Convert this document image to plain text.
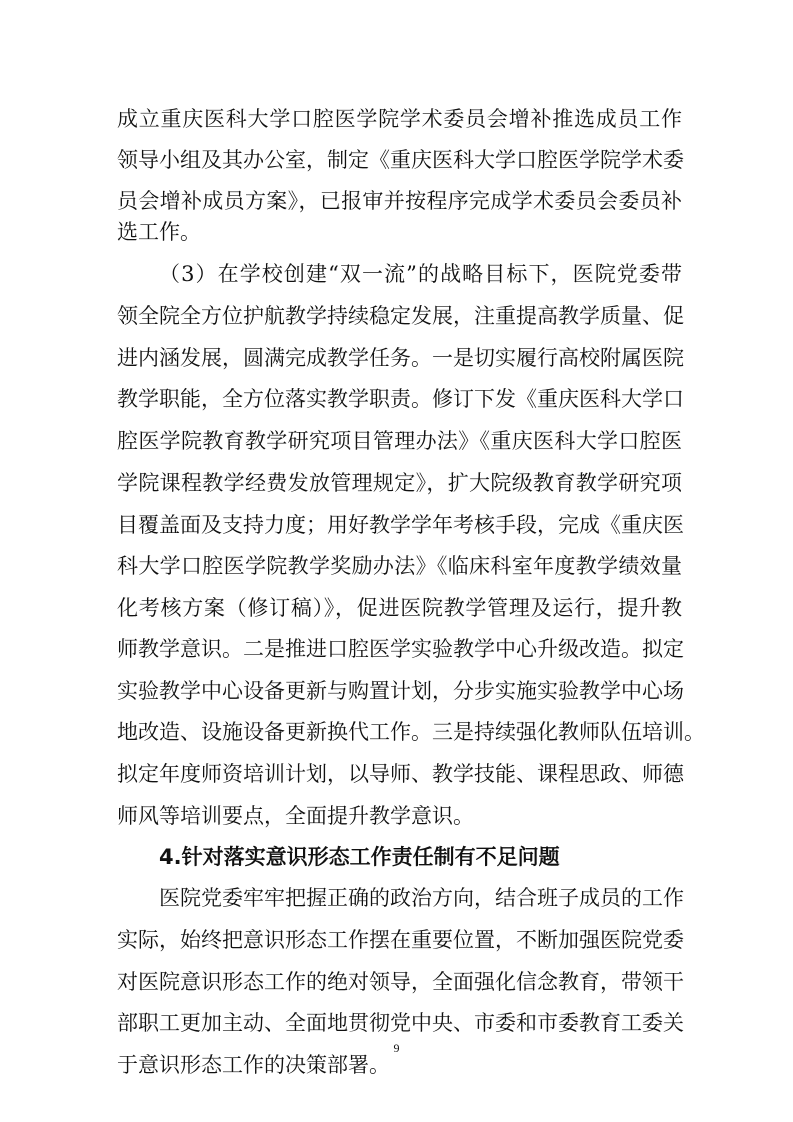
成立重庆医科大学口腔医学院学术委员会增补推选成员工作
领导小组及其办公室，制定《重庆医科大学口腔医学院学术委
员会增补成员方案》，已报审并按程序完成学术委员会委员补
选工作。
（3）在学校创建“双一流”的战略目标下，医院党委带
领全院全方位护航教学持续稳定发展，注重提高教学质量、促
进内涵发展，圆满完成教学任务。一是切实履行高校附属医院
教学职能，全方位落实教学职责。修订下发《重庆医科大学口
腔医学院教育教学研究项目管理办法》《重庆医科大学口腔医
学院课程教学经费发放管理规定》，扩大院级教育教学研究项
目覆盖面及支持力度；用好教学学年考核手段，完成《重庆医
科大学口腔医学院教学奖励办法》《临床科室年度教学绩效量
化考核方案（修订稿）》，促进医院教学管理及运行，提升教
师教学意识。二是推进口腔医学实验教学中心升级改造。拟定
实验教学中心设备更新与购置计划，分步实施实验教学中心场
地改造、设施设备更新换代工作。三是持续强化教师队伍培训。
拟定年度师资培训计划，以导师、教学技能、课程思政、师德
师风等培训要点，全面提升教学意识。
4.针对落实意识形态工作责任制有不足问题
医院党委牢牢把握正确的政治方向，结合班子成员的工作
实际，始终把意识形态工作摆在重要位置，不断加强医院党委
对医院意识形态工作的绝对领导，全面强化信念教育，带领干
部职工更加主动、全面地贯彻党中央、市委和市委教育工委关
于意识形态工作的决策部署。
9
